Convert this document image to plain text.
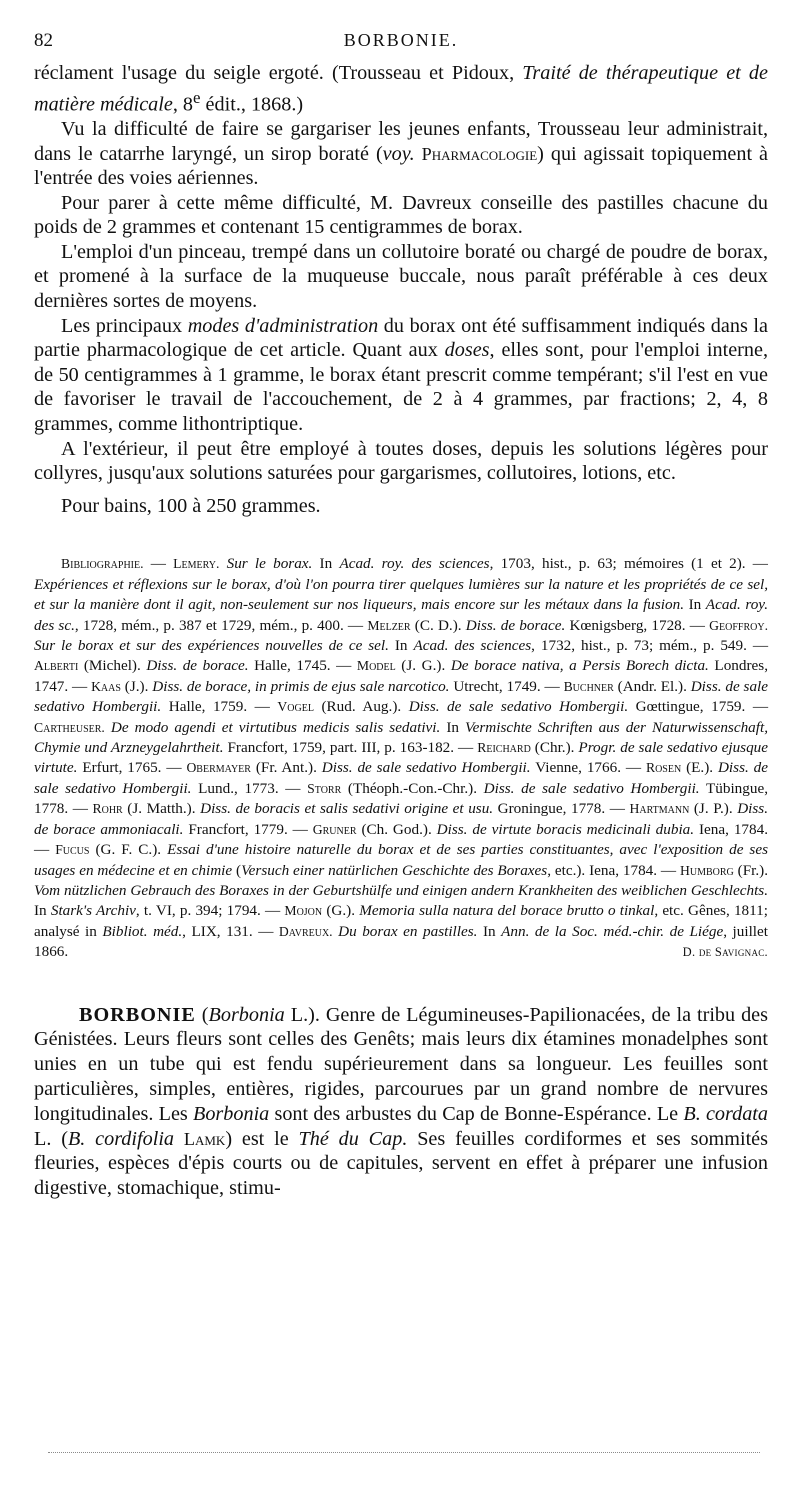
82	BORBONIE.

réclament l'usage du seigle ergoté. (Trousseau et Pidoux, Traité de thérapeutique et de matière médicale, 8e édit., 1868.)

Vu la difficulté de faire se gargariser les jeunes enfants, Trousseau leur administrait, dans le catarrhe laryngé, un sirop boraté (voy. Pharmacologie) qui agissait topiquement à l'entrée des voies aériennes.

Pour parer à cette même difficulté, M. Davreux conseille des pastilles chacune du poids de 2 grammes et contenant 15 centigrammes de borax.

L'emploi d'un pinceau, trempé dans un collutoire boraté ou chargé de poudre de borax, et promené à la surface de la muqueuse buccale, nous paraît préférable à ces deux dernières sortes de moyens.

Les principaux modes d'administration du borax ont été suffisamment indiqués dans la partie pharmacologique de cet article. Quant aux doses, elles sont, pour l'emploi interne, de 50 centigrammes à 1 gramme, le borax étant prescrit comme tempérant; s'il l'est en vue de favoriser le travail de l'accouchement, de 2 à 4 grammes, par fractions; 2, 4, 8 grammes, comme lithontriptique.

A l'extérieur, il peut être employé à toutes doses, depuis les solutions légères pour collyres, jusqu'aux solutions saturées pour gargarismes, collutoires, lotions, etc.

Pour bains, 100 à 250 grammes.

Bibliographie. — Lemery. Sur le borax. In Acad. roy. des sciences, 1703, hist., p. 63; mémoires (1 et 2). — Expériences et réflexions sur le borax, d'où l'on pourra tirer quelques lumières sur la nature et les propriétés de ce sel, et sur la manière dont il agit, non-seulement sur nos liqueurs, mais encore sur les métaux dans la fusion. In Acad. roy. des sc., 1728, mém., p. 387 et 1729, mém., p. 400. — Melzer (C. D.). Diss. de borace. Kœnigsberg, 1728. — Geoffroy. Sur le borax et sur des expériences nouvelles de ce sel. In Acad. des sciences, 1732, hist., p. 73; mém., p. 549. — Alberti (Michel). Diss. de borace. Halle, 1745. — Model (J. G.). De borace nativa, a Persis Borech dicta. Londres, 1747. — Kaas (J.). Diss. de borace, in primis de ejus sale narcotico. Utrecht, 1749. — Buchner (Andr. El.). Diss. de sale sedativo Hombergii. Halle, 1759. — Vogel (Rud. Aug.). Diss. de sale sedativo Hombergii. Gœttingue, 1759. — Cartheuser. De modo agendi et virtutibus medicis salis sedativi. In Vermischte Schriften aus der Naturwissenschaft, Chymie und Arzneygelahrtheit. Francfort, 1759, part. III, p. 163-182. — Reichard (Chr.). Progr. de sale sedativo ejusque virtute. Erfurt, 1765. — Obermayer (Fr. Ant.). Diss. de sale sedativo Hombergii. Vienne, 1766. — Rosen (E.). Diss. de sale sedativo Hombergii. Lund., 1773. — Storr (Théoph.-Con.-Chr.). Diss. de sale sedativo Hombergii. Tübingue, 1778. — Rohr (J. Matth.). Diss. de boracis et salis sedativi origine et usu. Groningue, 1778. — Hartmann (J. P.). Diss. de borace ammoniacali. Francfort, 1779. — Gruner (Ch. God.). Diss. de virtute boracis medicinali dubia. Iena, 1784. — Fucus (G. F. C.). Essai d'une histoire naturelle du borax et de ses parties constituantes, avec l'exposition de ses usages en médecine et en chimie (Versuch einer natürlichen Geschichte des Boraxes, etc.). Iena, 1784. — Humborg (Fr.). Vom nützlichen Gebrauch des Boraxes in der Geburtshülfe und einigen andern Krankheiten des weiblichen Geschlechts. In Stark's Archiv, t. VI, p. 394; 1794. — Mojon (G.). Memoria sulla natura del borace brutto o tinkal, etc. Gênes, 1811; analysé in Bibliot. méd., LIX, 131. — Davreux. Du borax en pastilles. In Ann. de la Soc. méd.-chir. de Liége, juillet 1866.	D. de Savignac.

BORBONIE (Borbonia L.). Genre de Légumineuses-Papilionacées, de la tribu des Génistées. Leurs fleurs sont celles des Genêts; mais leurs dix étamines monadelphes sont unies en un tube qui est fendu supérieurement dans sa longueur. Les feuilles sont particulières, simples, entières, rigides, parcourues par un grand nombre de nervures longitudinales. Les Borbonia sont des arbustes du Cap de Bonne-Espérance. Le B. cordata L. (B. cordifolia Lamk) est le Thé du Cap. Ses feuilles cordiformes et ses sommités fleuries, espèces d'épis courts ou de capitules, servent en effet à préparer une infusion digestive, stomachique, stimu-
